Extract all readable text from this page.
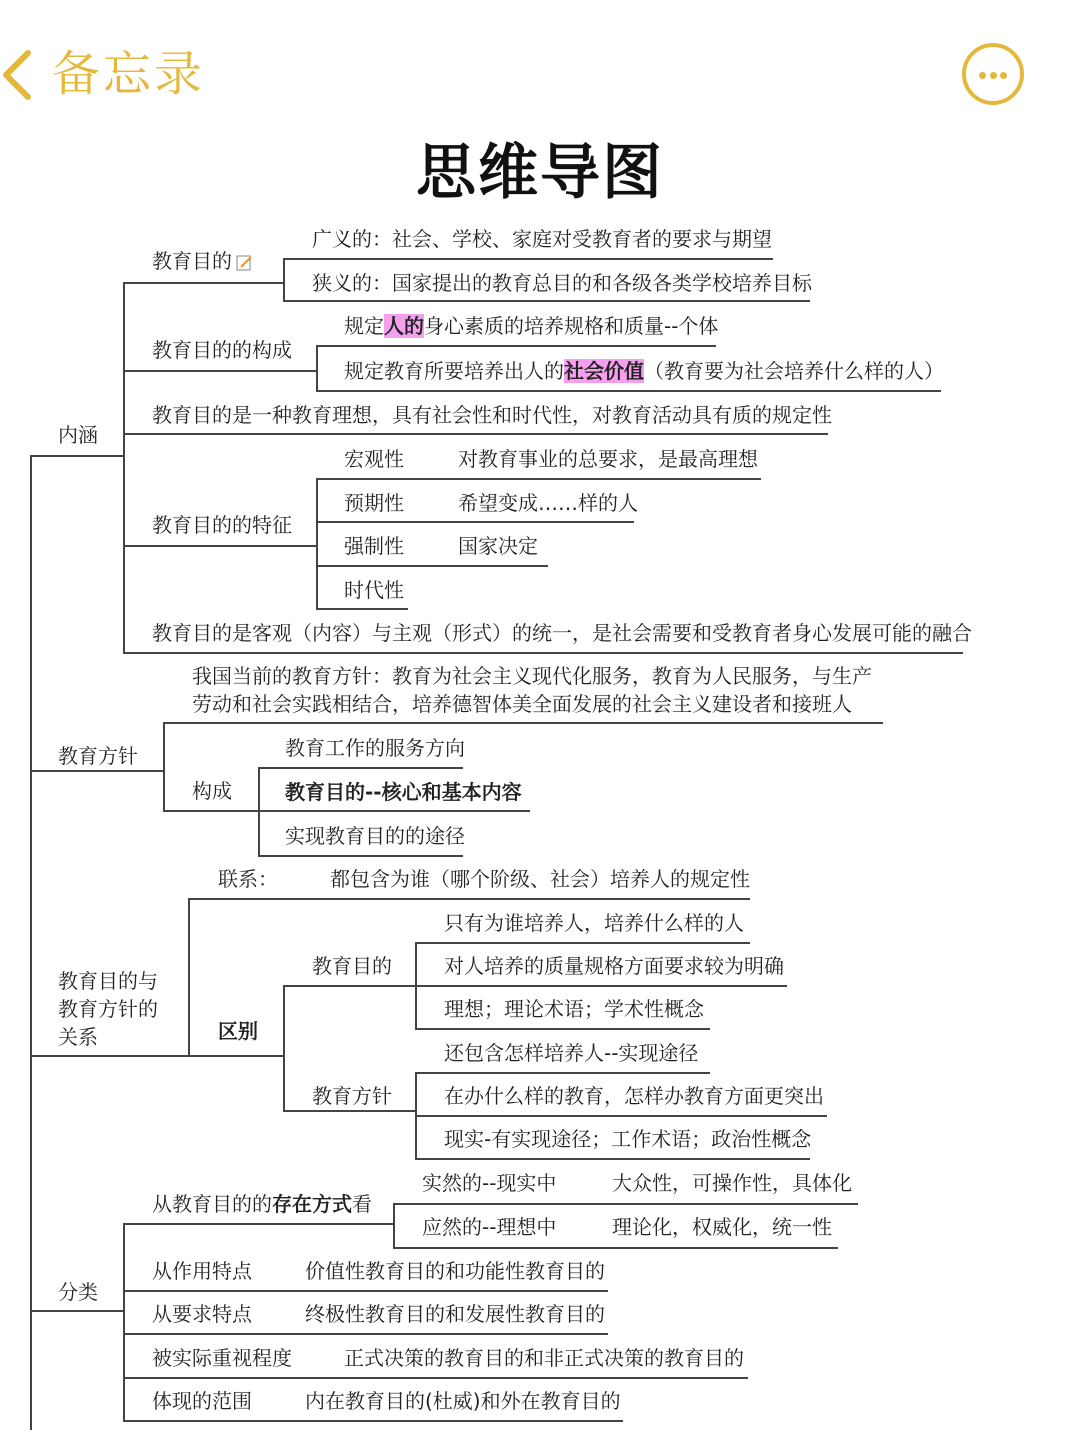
备忘录
思维导图
内涵
教育目的
广义的：社会、学校、家庭对受教育者的要求与期望
狭义的：国家提出的教育总目的和各级各类学校培养目标
教育目的的构成
规定人的身心素质的培养规格和质量--个体
规定教育所要培养出人的社会价值（教育要为社会培养什么样的人）
教育目的是一种教育理想，具有社会性和时代性，对教育活动具有质的规定性
教育目的的特征
宏观性	对教育事业的总要求，是最高理想
预期性	希望变成……样的人
强制性	国家决定
时代性
教育目的是客观（内容）与主观（形式）的统一，是社会需要和受教育者身心发展可能的融合
教育方针
我国当前的教育方针：教育为社会主义现代化服务，教育为人民服务，与生产
劳动和社会实践相结合，培养德智体美全面发展的社会主义建设者和接班人
构成
教育工作的服务方向
教育目的--核心和基本内容
实现教育目的的途径
教育目的与
教育方针的
关系
联系：	都包含为谁（哪个阶级、社会）培养人的规定性
区别
教育目的
只有为谁培养人，培养什么样的人
对人培养的质量规格方面要求较为明确
理想；理论术语；学术性概念
教育方针
还包含怎样培养人--实现途径
在办什么样的教育，怎样办教育方面更突出
现实-有实现途径；工作术语；政治性概念
分类
从教育目的的存在方式看
实然的--现实中	大众性，可操作性，具体化
应然的--理想中	理论化，权威化，统一性
从作用特点	价值性教育目的和功能性教育目的
从要求特点	终极性教育目的和发展性教育目的
被实际重视程度	正式决策的教育目的和非正式决策的教育目的
体现的范围	内在教育目的(杜威)和外在教育目的
